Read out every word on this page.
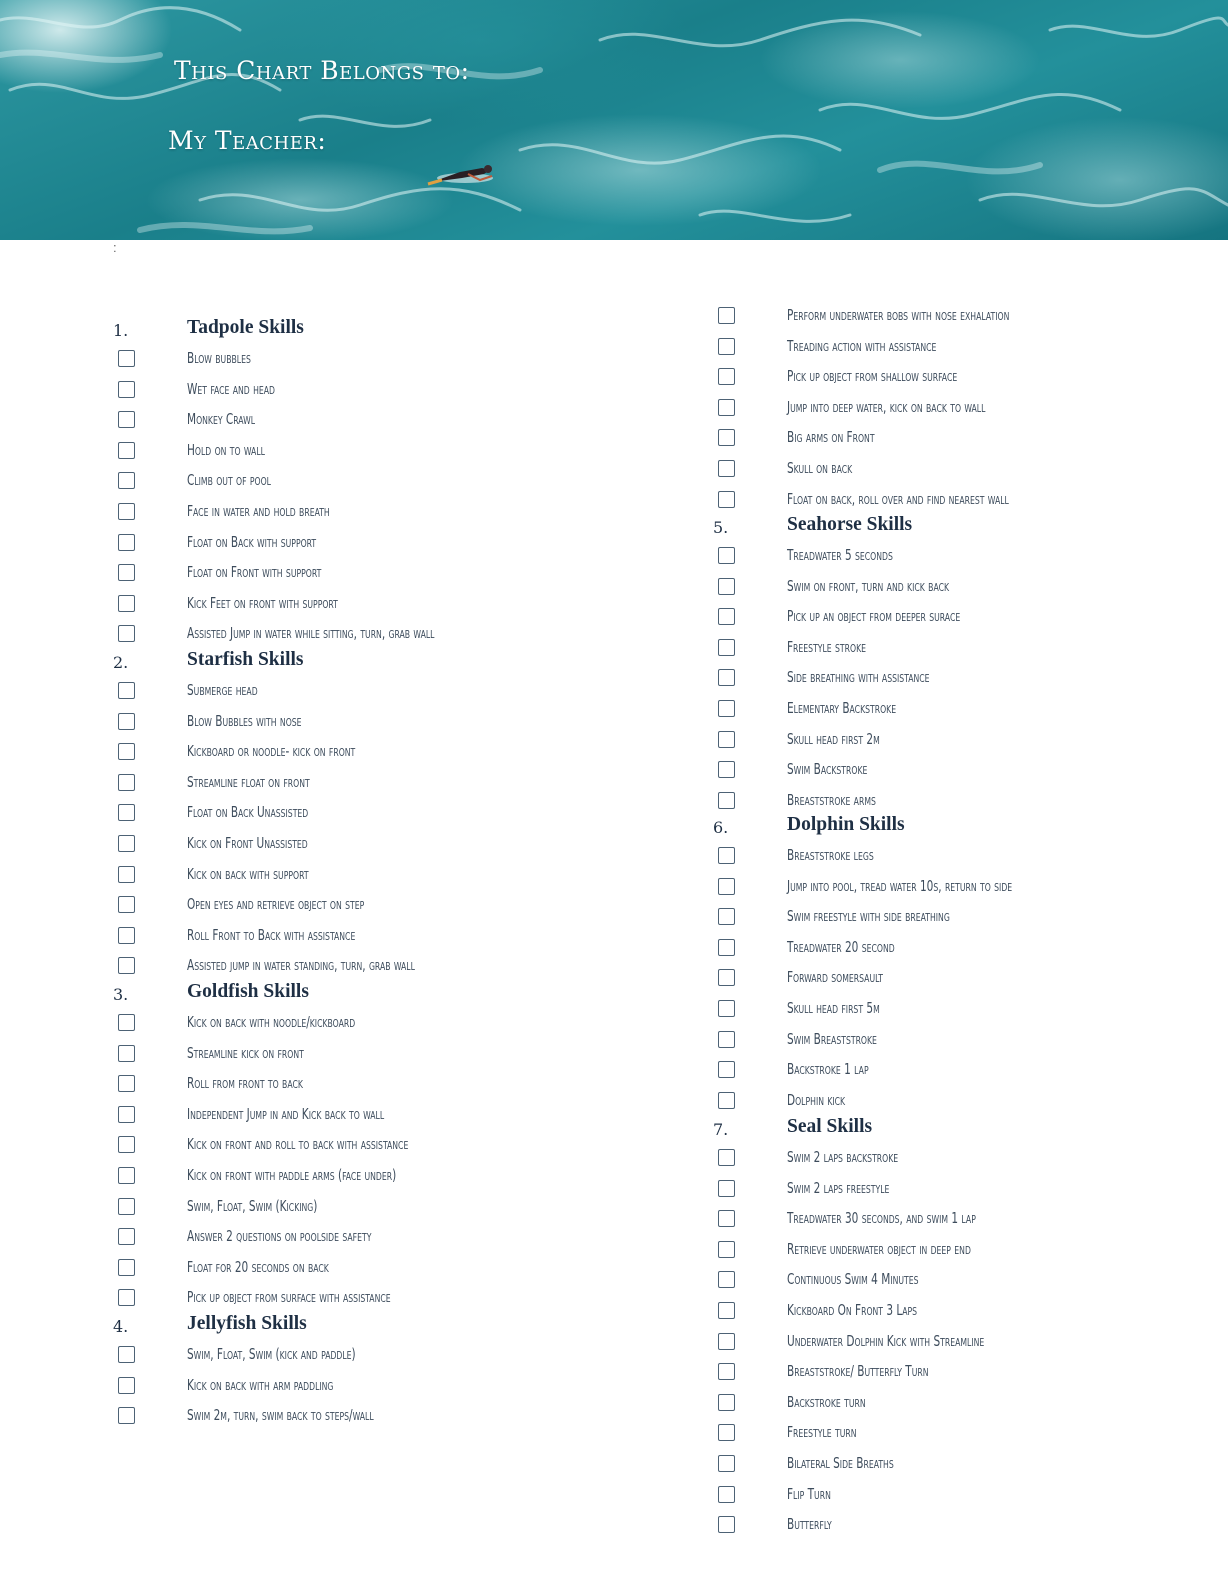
This Chart Belongs to:
My Teacher:
:
1.	Tadpole Skills
Blow bubbles
Wet face and head
Monkey Crawl
Hold on to wall
Climb out of pool
Face in water and hold breath
Float on Back with support
Float on Front with support
Kick Feet on front with support
Assisted Jump in water while sitting, turn, grab wall
2.	Starfish Skills
Submerge head
Blow Bubbles with nose
Kickboard or noodle- kick on front
Streamline float on front
Float on Back Unassisted
Kick on Front Unassisted
Kick on back with support
Open eyes and retrieve object on step
Roll Front to Back with assistance
Assisted jump in water standing, turn, grab wall
3.	Goldfish Skills
Kick on back with noodle/kickboard
Streamline kick on front
Roll from front to back
Independent Jump in and Kick back to wall
Kick on front and roll to back with assistance
Kick on front with paddle arms (face under)
Swim, Float, Swim (Kicking)
Answer 2 questions on poolside safety
Float for 20 seconds on back
Pick up object from surface with assistance
4.	Jellyfish Skills
Swim, Float, Swim (kick and paddle)
Kick on back with arm paddling
Swim 2m, turn, swim back to steps/wall
Perform underwater bobs with nose exhalation
Treading action with assistance
Pick up object from shallow surface
Jump into deep water, kick on back to wall
Big arms on Front
Skull on back
Float on back, roll over and find nearest wall
5.	Seahorse Skills
Treadwater 5 seconds
Swim on front, turn and kick back
Pick up an object from deeper surace
Freestyle stroke
Side breathing with assistance
Elementary Backstroke
Skull head first 2m
Swim Backstroke
Breaststroke arms
6.	Dolphin Skills
Breaststroke legs
Jump into pool, tread water 10s, return to side
Swim freestyle with side breathing
Treadwater 20 second
Forward somersault
Skull head first 5m
Swim Breaststroke
Backstroke 1 lap
Dolphin kick
7.	Seal Skills
Swim 2 laps backstroke
Swim 2 laps freestyle
Treadwater 30 seconds, and swim 1 lap
Retrieve underwater object in deep end
Continuous Swim 4 Minutes
Kickboard On Front 3 Laps
Underwater Dolphin Kick with Streamline
Breaststroke/ Butterfly Turn
Backstroke turn
Freestyle turn
Bilateral Side Breaths
Flip Turn
Butterfly
